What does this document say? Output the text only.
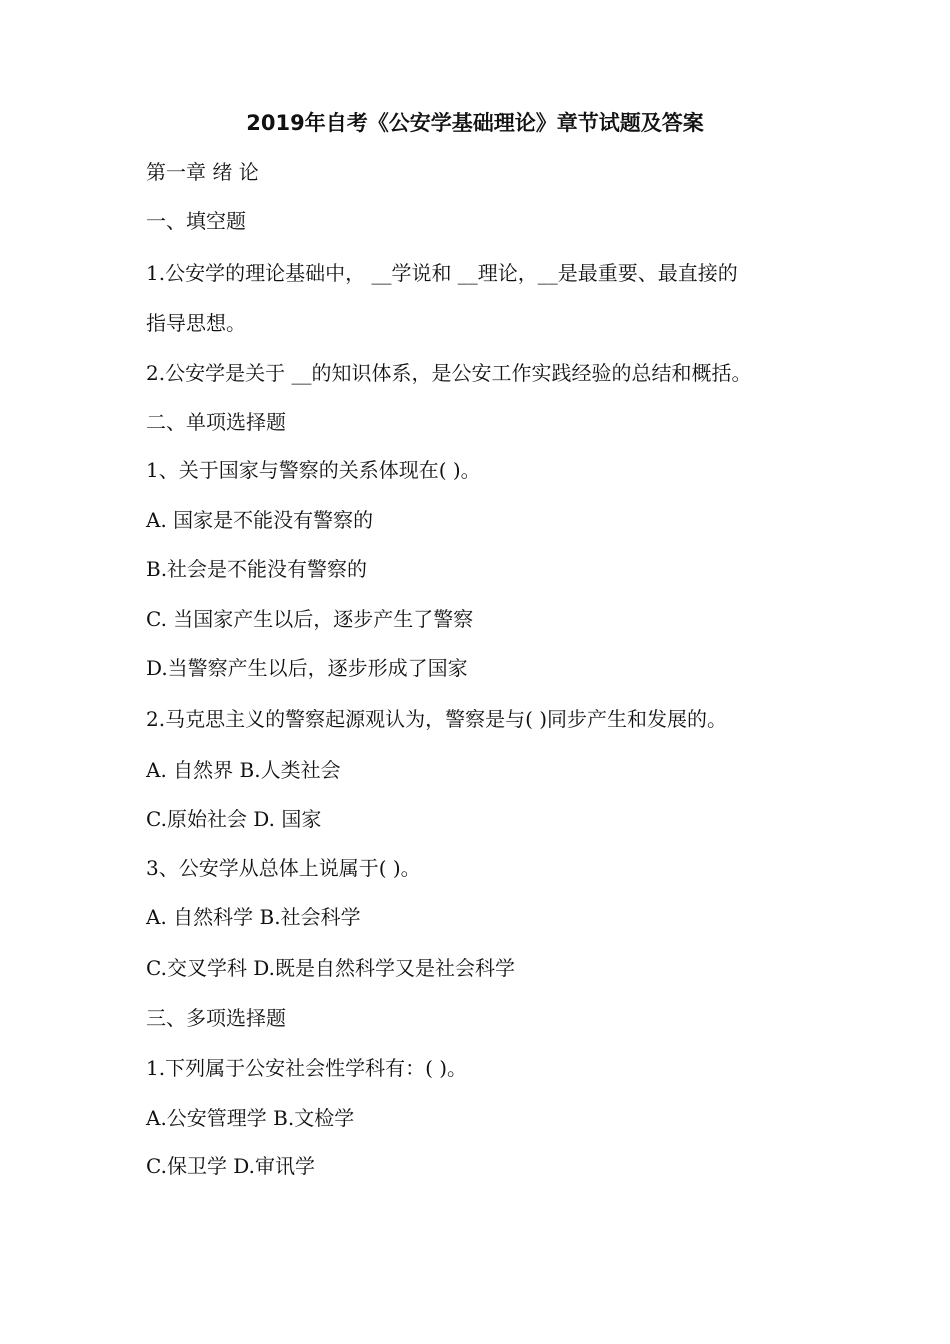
2019年自考《公安学基础理论》章节试题及答案
第一章 绪 论
一、填空题
1.公安学的理论基础中， __学说和 __理论，__是最重要、最直接的
指导思想。
2.公安学是关于 __的知识体系，是公安工作实践经验的总结和概括。
二、单项选择题
1、关于国家与警察的关系体现在( )。
A. 国家是不能没有警察的
B.社会是不能没有警察的
C. 当国家产生以后，逐步产生了警察
D.当警察产生以后，逐步形成了国家
2.马克思主义的警察起源观认为，警察是与( )同步产生和发展的。
A. 自然界 B.人类社会
C.原始社会 D. 国家
3、公安学从总体上说属于( )。
A. 自然科学 B.社会科学
C.交叉学科 D.既是自然科学又是社会科学
三、多项选择题
1.下列属于公安社会性学科有：( )。
A.公安管理学 B.文检学
C.保卫学 D.审讯学
